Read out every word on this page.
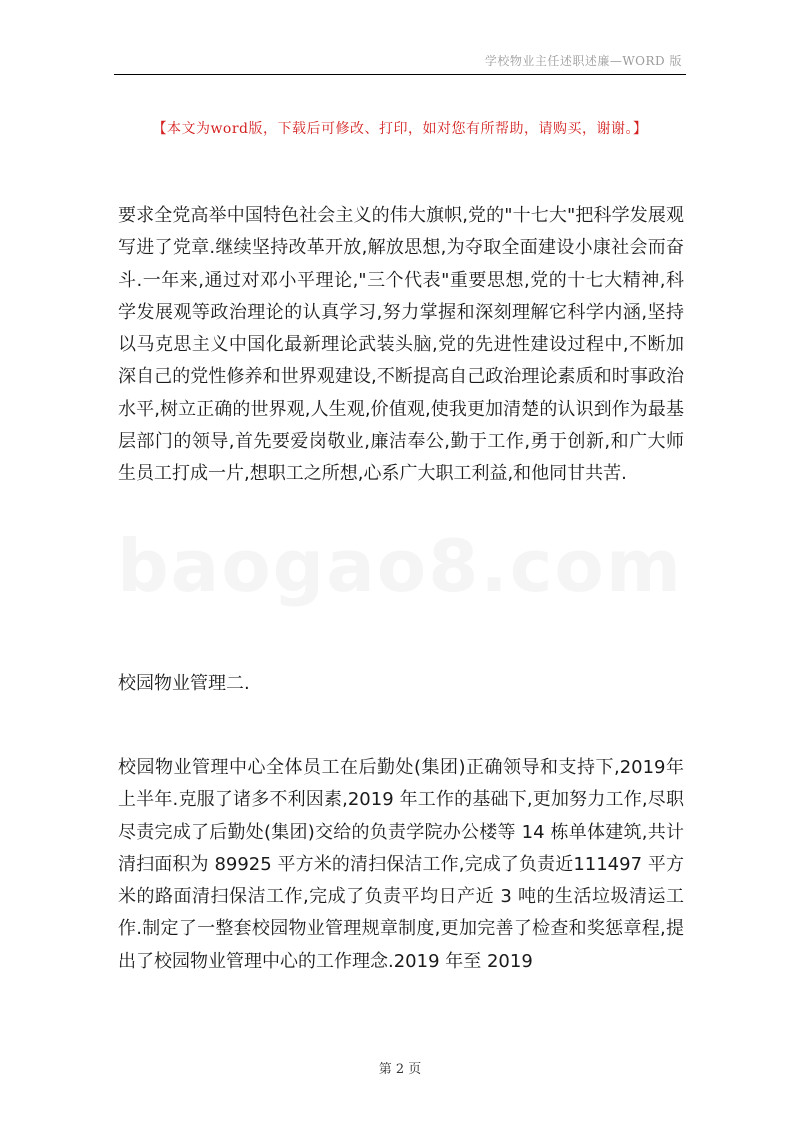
学校物业主任述职述廉—WORD 版
【本文为word版，下载后可修改、打印，如对您有所帮助，请购买，谢谢。】
baogao8.com

要求全党高举中国特色社会主义的伟大旗帜,党的"十七大"把科学发展观写进了党章.继续坚持改革开放,解放思想,为夺取全面建设小康社会而奋斗.一年来,通过对邓小平理论,"三个代表"重要思想,党的十七大精神,科学发展观等政治理论的认真学习,努力掌握和深刻理解它科学内涵,坚持以马克思主义中国化最新理论武装头脑,党的先进性建设过程中,不断加深自己的党性修养和世界观建设,不断提高自己政治理论素质和时事政治水平,树立正确的世界观,人生观,价值观,使我更加清楚的认识到作为最基层部门的领导,首先要爱岗敬业,廉洁奉公,勤于工作,勇于创新,和广大师生员工打成一片,想职工之所想,心系广大职工利益,和他同甘共苦.

校园物业管理二.

校园物业管理中心全体员工在后勤处(集团)正确领导和支持下,2019年上半年.克服了诸多不利因素,2019 年工作的基础下,更加努力工作,尽职尽责完成了后勤处(集团)交给的负责学院办公楼等 14 栋单体建筑,共计清扫面积为 89925 平方米的清扫保洁工作,完成了负责近111497 平方米的路面清扫保洁工作,完成了负责平均日产近 3 吨的生活垃圾清运工作.制定了一整套校园物业管理规章制度,更加完善了检查和奖惩章程,提出了校园物业管理中心的工作理念.2019 年至 2019

第 2 页
